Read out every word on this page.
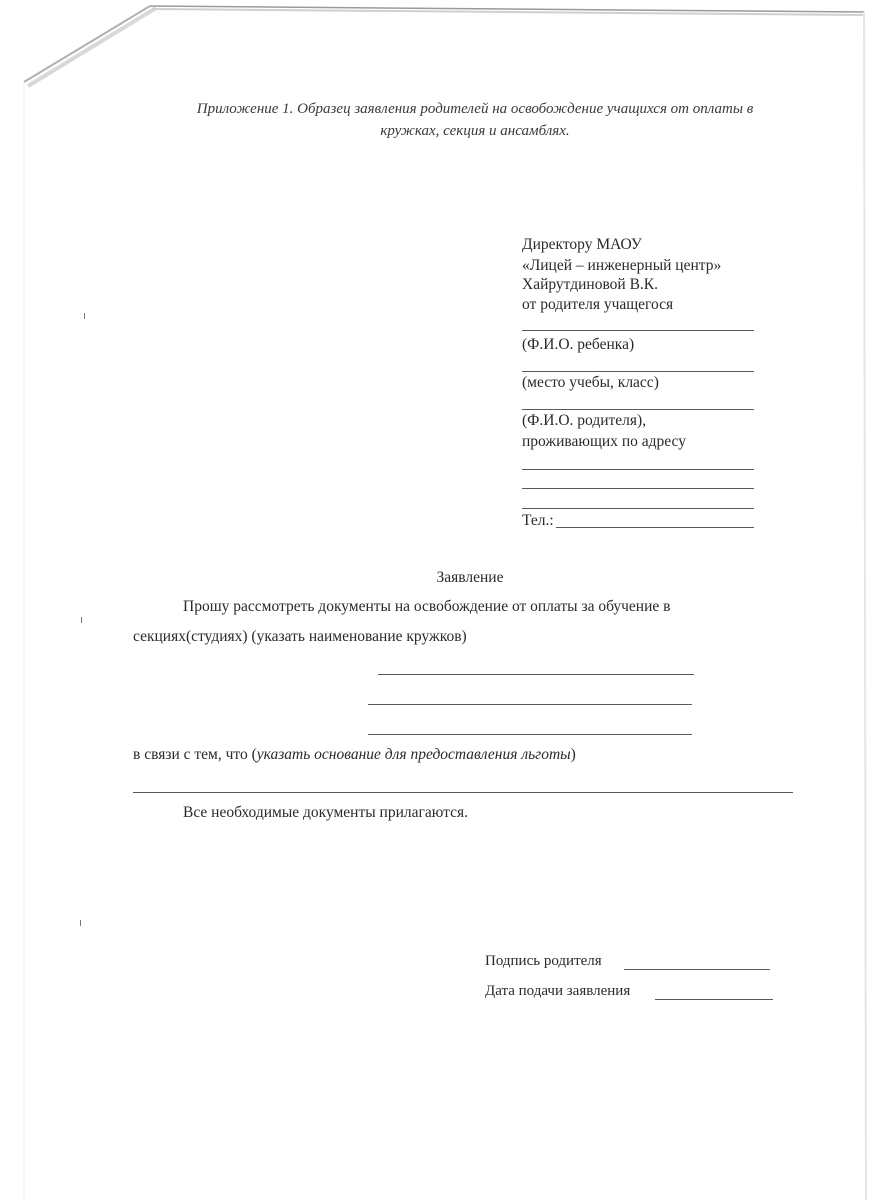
Приложение 1. Образец заявления родителей на освобождение учащихся от оплаты в
кружках, секция и ансамблях.
Директору МАОУ
«Лицей – инженерный центр»
Хайрутдиновой В.К.
от родителя учащегося
(Ф.И.О. ребенка)
(место учебы, класс)
(Ф.И.О. родителя),
проживающих по адресу
Тел.:
Заявление
Прошу рассмотреть документы на освобождение от оплаты за обучение в
секциях(студиях) (указать наименование кружков)
в связи с тем, что (указать основание для предоставления льготы)
Все необходимые документы прилагаются.
Подпись родителя
Дата подачи заявления
